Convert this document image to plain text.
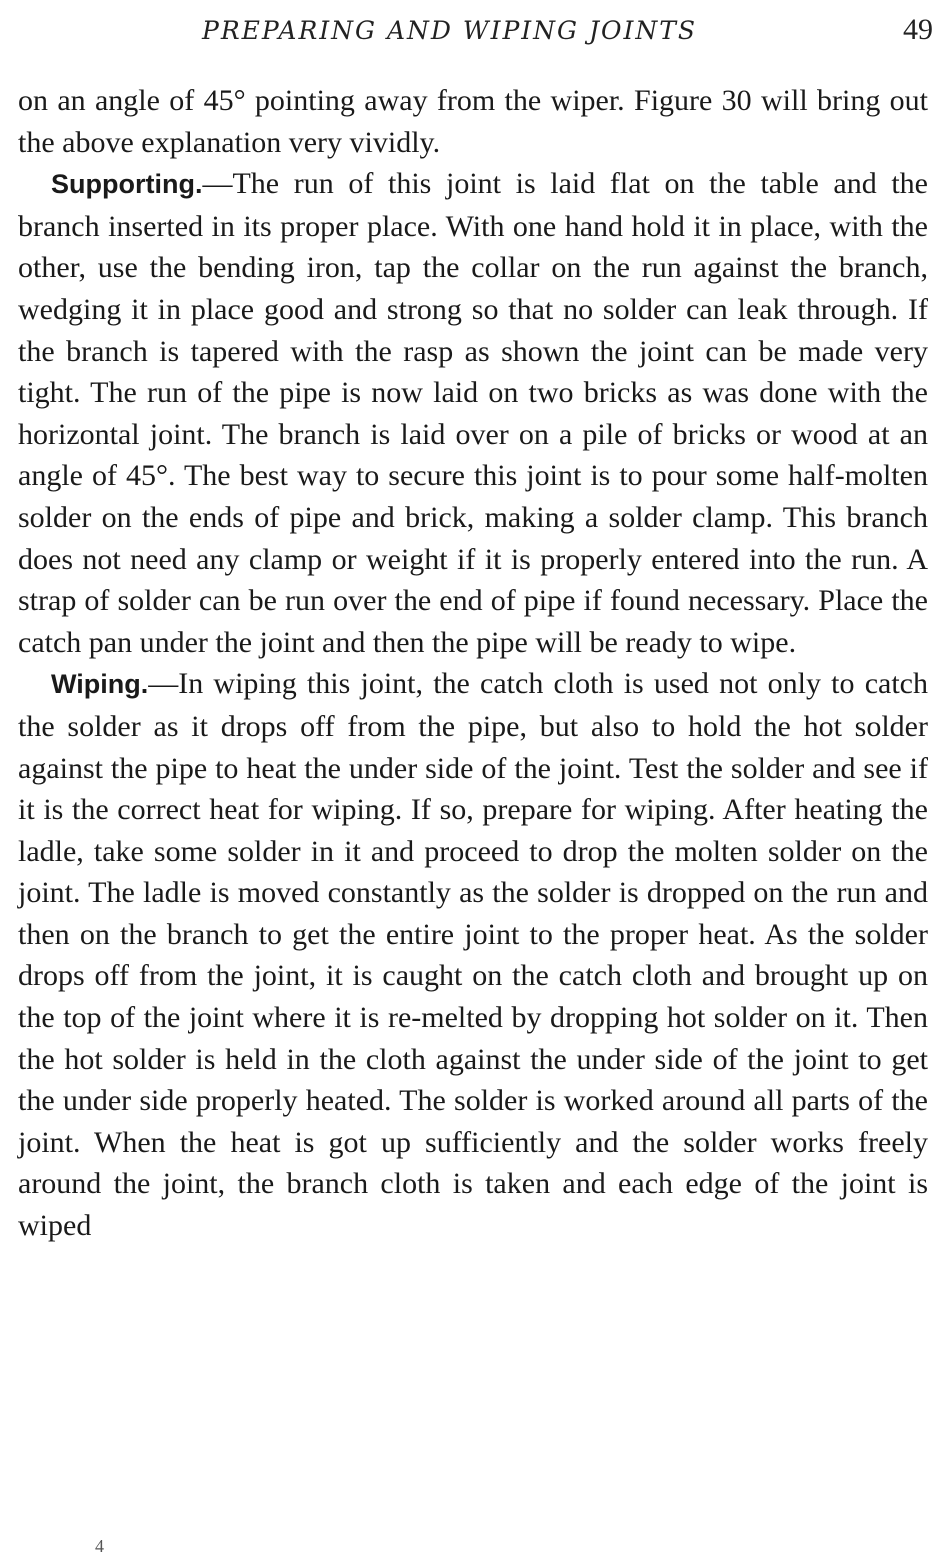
PREPARING AND WIPING JOINTS	49

on an angle of 45° pointing away from the wiper. Figure 30 will bring out the above explanation very vividly.

Supporting.—The run of this joint is laid flat on the table and the branch inserted in its proper place. With one hand hold it in place, with the other, use the bending iron, tap the collar on the run against the branch, wedging it in place good and strong so that no solder can leak through. If the branch is tapered with the rasp as shown the joint can be made very tight. The run of the pipe is now laid on two bricks as was done with the horizontal joint. The branch is laid over on a pile of bricks or wood at an angle of 45°. The best way to secure this joint is to pour some half-molten solder on the ends of pipe and brick, making a solder clamp. This branch does not need any clamp or weight if it is properly entered into the run. A strap of solder can be run over the end of pipe if found necessary. Place the catch pan under the joint and then the pipe will be ready to wipe.

Wiping.—In wiping this joint, the catch cloth is used not only to catch the solder as it drops off from the pipe, but also to hold the hot solder against the pipe to heat the under side of the joint. Test the solder and see if it is the correct heat for wiping. If so, prepare for wiping. After heating the ladle, take some solder in it and proceed to drop the molten solder on the joint. The ladle is moved constantly as the solder is dropped on the run and then on the branch to get the entire joint to the proper heat. As the solder drops off from the joint, it is caught on the catch cloth and brought up on the top of the joint where it is re-melted by dropping hot solder on it. Then the hot solder is held in the cloth against the under side of the joint to get the under side properly heated. The solder is worked around all parts of the joint. When the heat is got up sufficiently and the solder works freely around the joint, the branch cloth is taken and each edge of the joint is wiped

4
